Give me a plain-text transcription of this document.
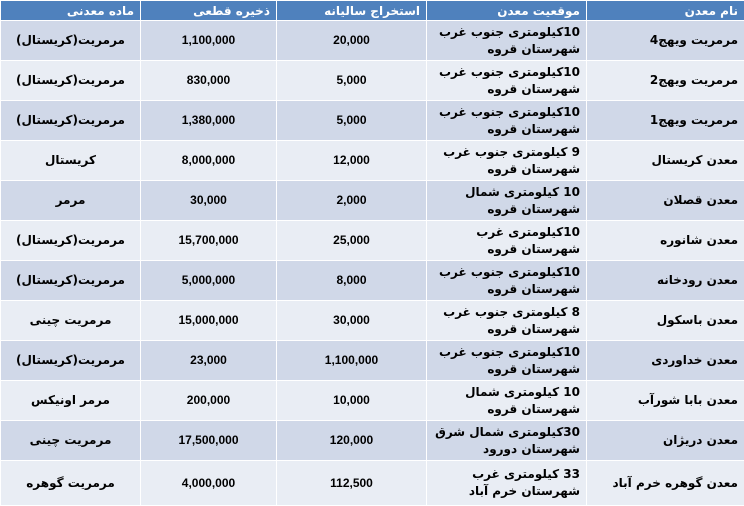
نام معدن	موقعیت معدن	استخراج سالیانه	ذخیره قطعی	ماده معدنی
مرمریت ویهج4	10کیلومتری جنوب غرب شهرستان قروه	20,000	1,100,000	مرمریت(کریستال)
مرمریت ویهج2	10کیلومتری جنوب غرب شهرستان قروه	5,000	830,000	مرمریت(کریستال)
مرمریت ویهج1	10کیلومتری جنوب غرب شهرستان قروه	5,000	1,380,000	مرمریت(کریستال)
معدن کریستال	9 کیلومتری جنوب غرب شهرستان قروه	12,000	8,000,000	کریستال
معدن قصلان	10 کیلومتری شمال شهرستان قروه	2,000	30,000	مرمر
معدن شانوره	10کیلومتری غرب شهرستان قروه	25,000	15,700,000	مرمریت(کریستال)
معدن رودخانه	10کیلومتری جنوب غرب شهرستان قروه	8,000	5,000,000	مرمریت(کریستال)
معدن باسکول	8 کیلومتری جنوب غرب شهرستان قروه	30,000	15,000,000	مرمریت چینی
معدن خداوردی	10کیلومتری جنوب غرب شهرستان قروه	1,100,000	23,000	مرمریت(کریستال)
معدن بابا شورآب	10 کیلومتری شمال شهرستان قروه	10,000	200,000	مرمر اونیکس
معدن دریژان	30کیلومتری شمال شرق شهرستان دورود	120,000	17,500,000	مرمریت چینی
معدن گوهره خرم آباد	33 کیلومتری غرب شهرستان خرم آباد	112,500	4,000,000	مرمریت گوهره
